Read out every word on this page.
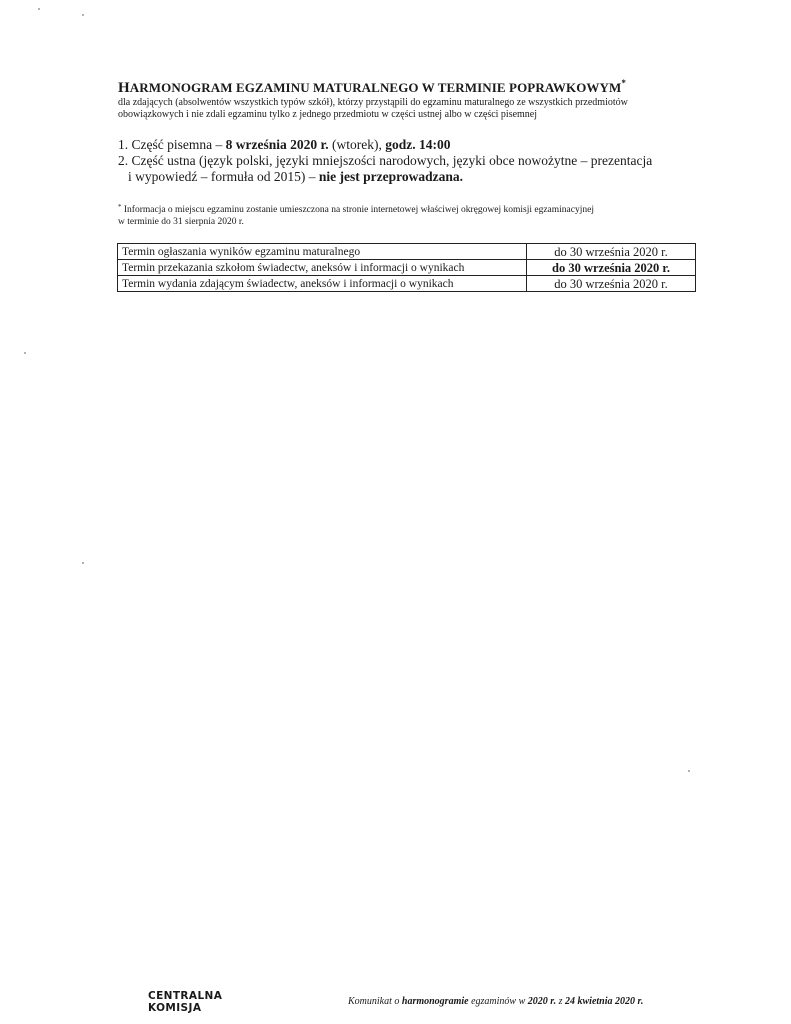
HARMONOGRAM EGZAMINU MATURALNEGO W TERMINIE POPRAWKOWYM*
dla zdających (absolwentów wszystkich typów szkół), którzy przystąpili do egzaminu maturalnego ze wszystkich przedmiotów
obowiązkowych i nie zdali egzaminu tylko z jednego przedmiotu w części ustnej albo w części pisemnej
1. Część pisemna – 8 września 2020 r. (wtorek), godz. 14:00
2. Część ustna (język polski, języki mniejszości narodowych, języki obce nowożytne – prezentacja
i wypowiedź – formuła od 2015) – nie jest przeprowadzana.
* Informacja o miejscu egzaminu zostanie umieszczona na stronie internetowej właściwej okręgowej komisji egzaminacyjnej
w terminie do 31 sierpnia 2020 r.
Termin ogłaszania wyników egzaminu maturalnego	do 30 września 2020 r.
Termin przekazania szkołom świadectw, aneksów i informacji o wynikach	do 30 września 2020 r.
Termin wydania zdającym świadectw, aneksów i informacji o wynikach	do 30 września 2020 r.
CENTRALNA
KOMISJA
Komunikat o harmonogramie egzaminów w 2020 r. z 24 kwietnia 2020 r.
